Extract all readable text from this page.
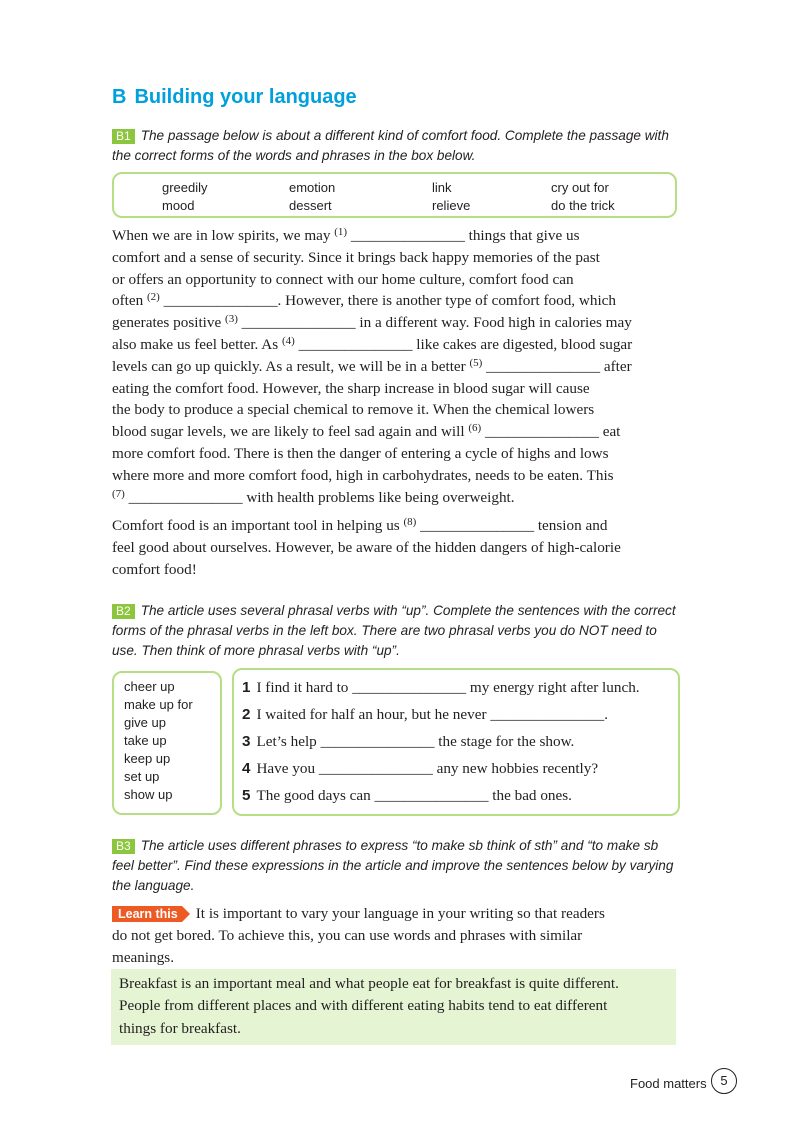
B Building your language

B1 The passage below is about a different kind of comfort food. Complete the passage with
the correct forms of the words and phrases in the box below.

greedily	emotion	link	cry out for
mood	dessert	relieve	do the trick
When we are in low spirits, we may $^{(1)}$ _______________ things that give us
comfort and a sense of security. Since it brings back happy memories of the past
or offers an opportunity to connect with our home culture, comfort food can
often $^{(2)}$ _______________. However, there is another type of comfort food, which
generates positive $^{(3)}$ _______________ in a different way. Food high in calories may
also make us feel better. As $^{(4)}$ _______________ like cakes are digested, blood sugar
levels can go up quickly. As a result, we will be in a better $^{(5)}$ _______________ after
eating the comfort food. However, the sharp increase in blood sugar will cause
the body to produce a special chemical to remove it. When the chemical lowers
blood sugar levels, we are likely to feel sad again and will $^{(6)}$ _______________ eat
more comfort food. There is then the danger of entering a cycle of highs and lows
where more and more comfort food, high in carbohydrates, needs to be eaten. This
$^{(7)}$ _______________ with health problems like being overweight.
Comfort food is an important tool in helping us $^{(8)}$ _______________ tension and
feel good about ourselves. However, be aware of the hidden dangers of high-calorie
comfort food!

B2 The article uses several phrasal verbs with “up”. Complete the sentences with the correct
forms of the phrasal verbs in the left box. There are two phrasal verbs you do NOT need to
use. Then think of more phrasal verbs with “up”.

cheer up
make up for
give up
take up
keep up
set up
show up
1 I find it hard to _______________ my energy right after lunch.
2 I waited for half an hour, but he never _______________.
3 Let’s help _______________ the stage for the show.
4 Have you _______________ any new hobbies recently?
5 The good days can _______________ the bad ones.

B3 The article uses different phrases to express “to make sb think of sth” and “to make sb
feel better”. Find these expressions in the article and improve the sentences below by varying
the language.

Learn this It is important to vary your language in your writing so that readers
do not get bored. To achieve this, you can use words and phrases with similar
meanings.

Breakfast is an important meal and what people eat for breakfast is quite different.
People from different places and with different eating habits tend to eat different
things for breakfast.

Food matters	5
